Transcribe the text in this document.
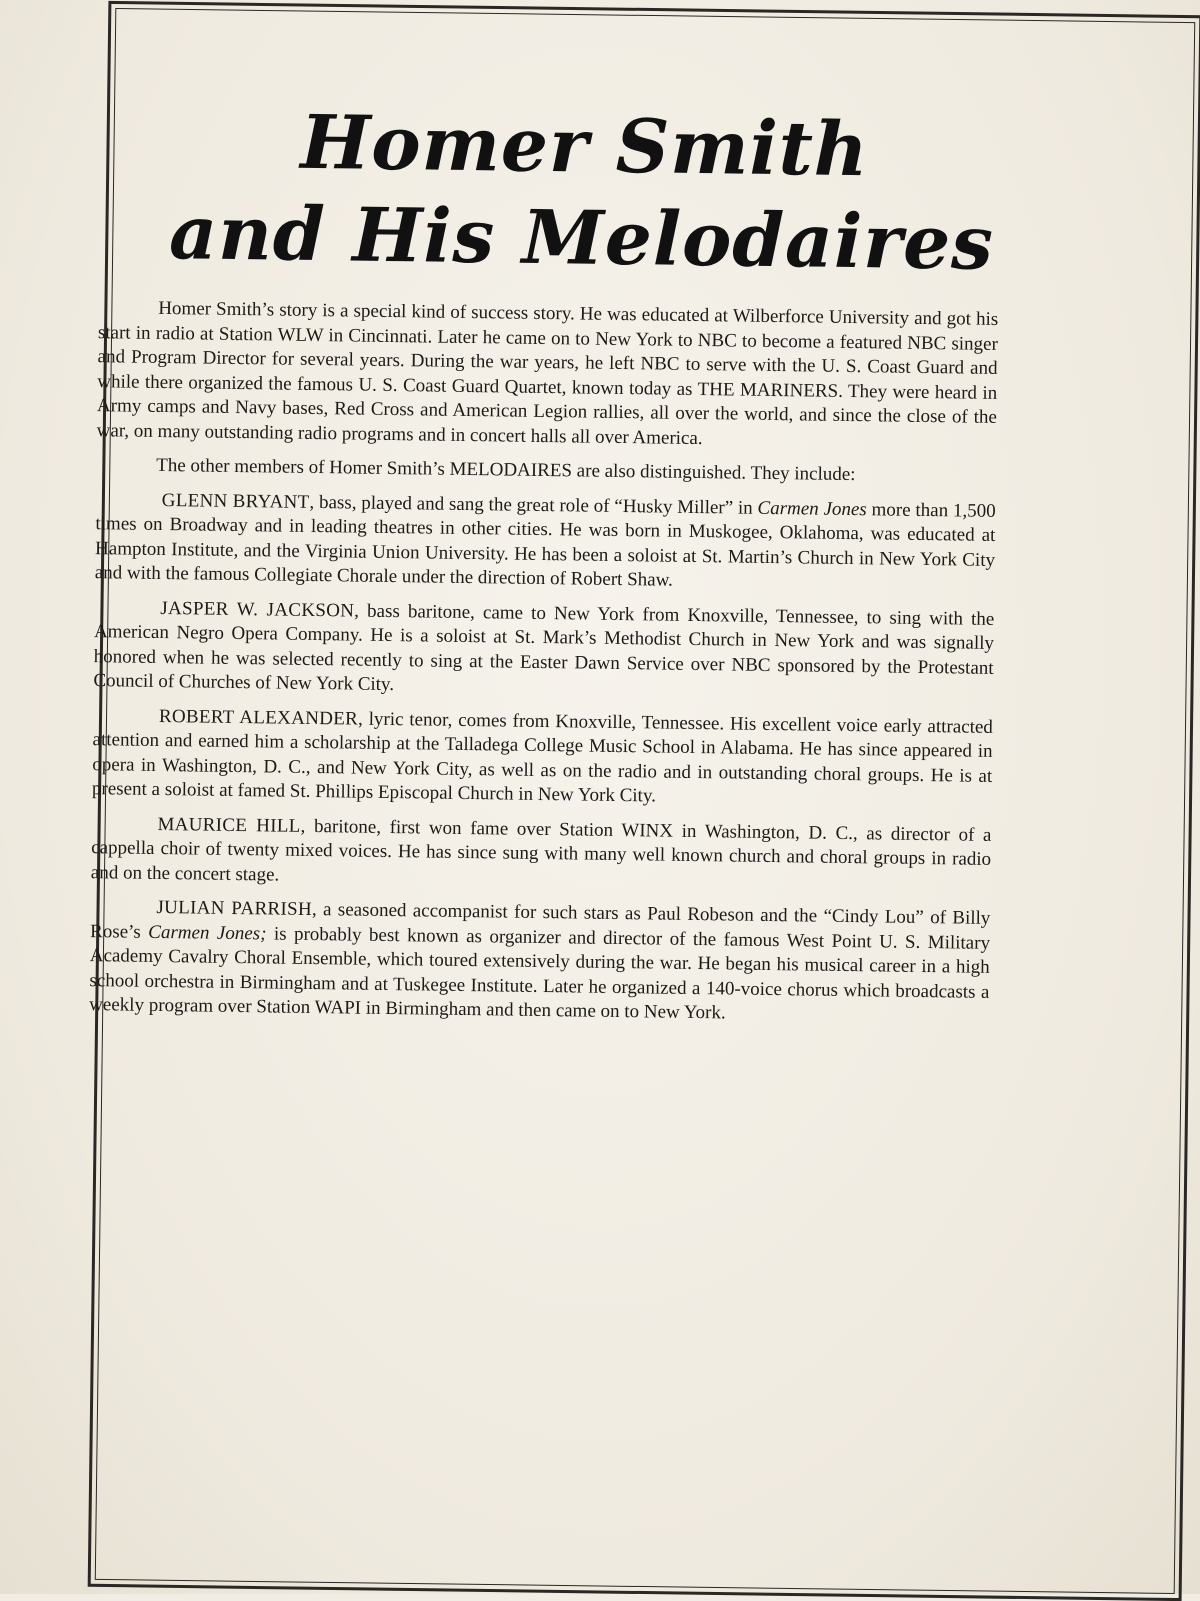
Homer Smith
and His Melodaires

Homer Smith’s story is a special kind of success story. He was educated at Wilberforce University and got his start in radio at Station WLW in Cincinnati. Later he came on to New York to NBC to become a featured NBC singer and Program Director for several years. During the war years, he left NBC to serve with the U. S. Coast Guard and while there organized the famous U. S. Coast Guard Quartet, known today as THE MARINERS. They were heard in Army camps and Navy bases, Red Cross and American Legion rallies, all over the world, and since the close of the war, on many outstanding radio programs and in concert halls all over America.

The other members of Homer Smith’s MELODAIRES are also distinguished. They include:

GLENN BRYANT, bass, played and sang the great role of “Husky Miller” in Carmen Jones more than 1,500 times on Broadway and in leading theatres in other cities. He was born in Muskogee, Oklahoma, was educated at Hampton Institute, and the Virginia Union University. He has been a soloist at St. Martin’s Church in New York City and with the famous Collegiate Chorale under the direction of Robert Shaw.

JASPER W. JACKSON, bass baritone, came to New York from Knoxville, Tennessee, to sing with the American Negro Opera Company. He is a soloist at St. Mark’s Methodist Church in New York and was signally honored when he was selected recently to sing at the Easter Dawn Service over NBC sponsored by the Protestant Council of Churches of New York City.

ROBERT ALEXANDER, lyric tenor, comes from Knoxville, Tennessee. His excellent voice early attracted attention and earned him a scholarship at the Talladega College Music School in Alabama. He has since appeared in opera in Washington, D. C., and New York City, as well as on the radio and in outstanding choral groups. He is at present a soloist at famed St. Phillips Episcopal Church in New York City.

MAURICE HILL, baritone, first won fame over Station WINX in Washington, D. C., as director of a cappella choir of twenty mixed voices. He has since sung with many well known church and choral groups in radio and on the concert stage.

JULIAN PARRISH, a seasoned accompanist for such stars as Paul Robeson and the “Cindy Lou” of Billy Rose’s Carmen Jones; is probably best known as organizer and director of the famous West Point U. S. Military Academy Cavalry Choral Ensemble, which toured extensively during the war. He began his musical career in a high school orchestra in Birmingham and at Tuskegee Institute. Later he organized a 140-voice chorus which broadcasts a weekly program over Station WAPI in Birmingham and then came on to New York.
